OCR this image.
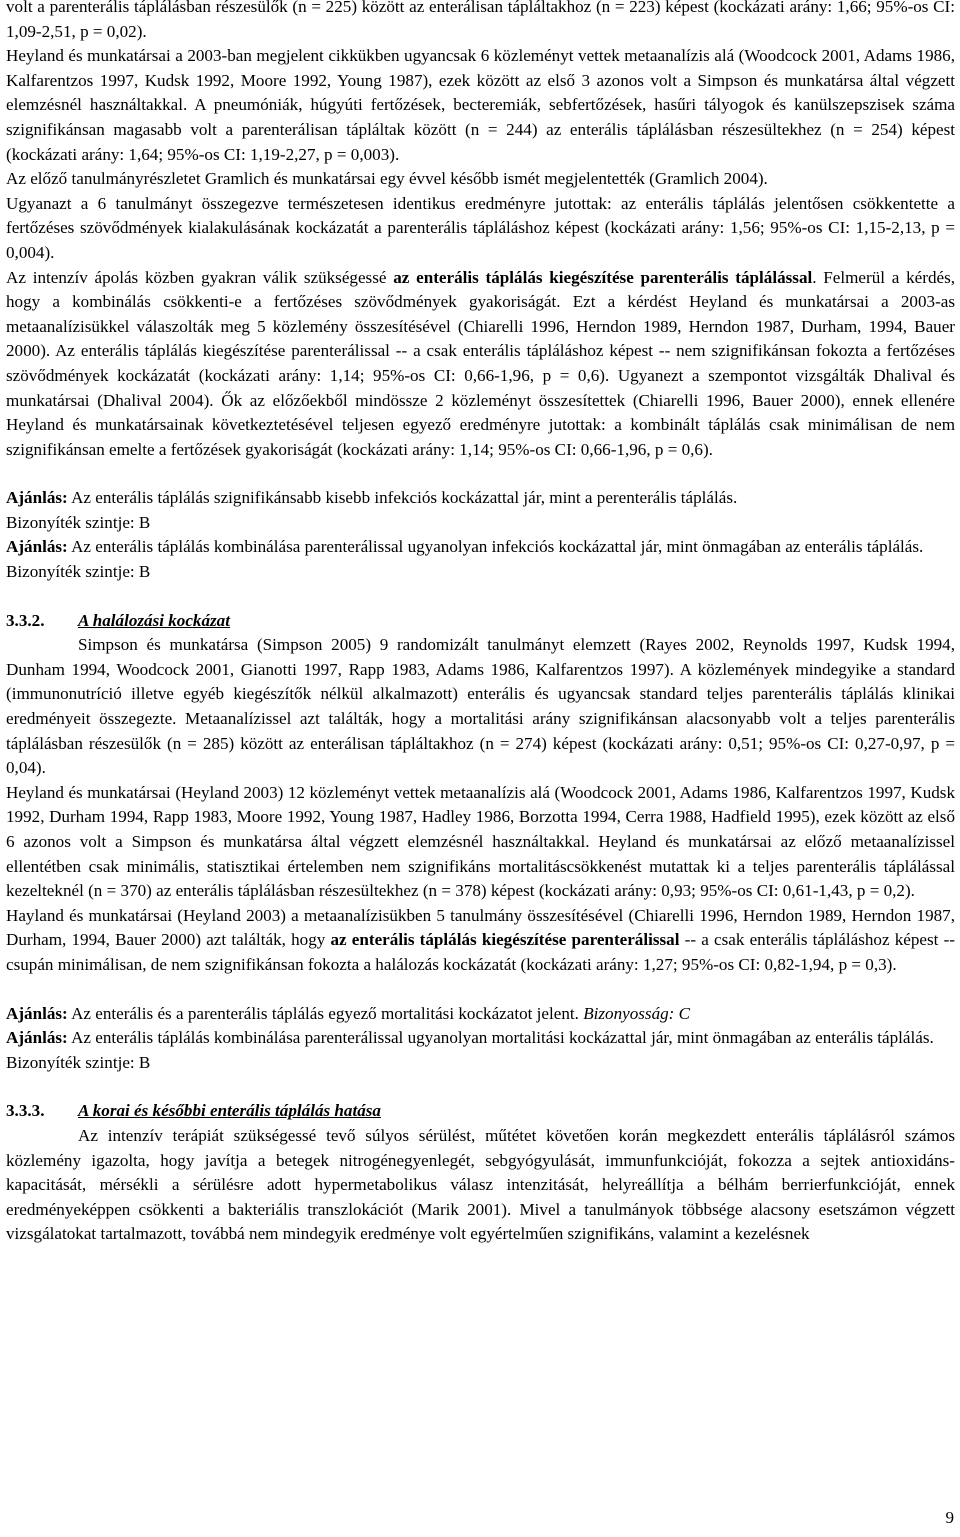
volt a parenterális táplálásban részesülők (n = 225) között az enterálisan tápláltakhoz (n = 223) képest (kockázati arány: 1,66; 95%-os CI: 1,09-2,51, p = 0,02).

Heyland és munkatársai a 2003-ban megjelent cikkükben ugyancsak 6 közleményt vettek metaanalízis alá (Woodcock 2001, Adams 1986, Kalfarentzos 1997, Kudsk 1992, Moore 1992, Young 1987), ezek között az első 3 azonos volt a Simpson és munkatársa által végzett elemzésnél használtakkal. A pneumóniák, húgyúti fertőzések, becteremiák, sebfertőzések, hasűri tályogok és kanülszepszisek száma szignifikánsan magasabb volt a parenterálisan tápláltak között (n = 244) az enterális táplálásban részesültekhez (n = 254) képest (kockázati arány: 1,64; 95%-os CI: 1,19-2,27, p = 0,003).

Az előző tanulmányrészletet Gramlich és munkatársai egy évvel később ismét megjelentették (Gramlich 2004).

Ugyanazt a 6 tanulmányt összegezve természetesen identikus eredményre jutottak: az enterális táplálás jelentősen csökkentette a fertőzéses szövődmények kialakulásának kockázatát a parenterális tápláláshoz képest (kockázati arány: 1,56; 95%-os CI: 1,15-2,13, p = 0,004).

Az intenzív ápolás közben gyakran válik szükségessé az enterális táplálás kiegészítése parenterális táplálással. Felmerül a kérdés, hogy a kombinálás csökkenti-e a fertőzéses szövődmények gyakoriságát. Ezt a kérdést Heyland és munkatársai a 2003-as metaanalízisükkel válaszolták meg 5 közlemény összesítésével (Chiarelli 1996, Herndon 1989, Herndon 1987, Durham, 1994, Bauer 2000). Az enterális táplálás kiegészítése parenterálissal -- a csak enterális tápláláshoz képest -- nem szignifikánsan fokozta a fertőzéses szövődmények kockázatát (kockázati arány: 1,14; 95%-os CI: 0,66-1,96, p = 0,6). Ugyanezt a szempontot vizsgálták Dhalival és munkatársai (Dhalival 2004). Ők az előzőekből mindössze 2 közleményt összesítettek (Chiarelli 1996, Bauer 2000), ennek ellenére Heyland és munkatársainak következtetésével teljesen egyező eredményre jutottak: a kombinált táplálás csak minimálisan de nem szignifikánsan emelte a fertőzések gyakoriságát (kockázati arány: 1,14; 95%-os CI: 0,66-1,96, p = 0,6).

Ajánlás: Az enterális táplálás szignifikánsabb kisebb infekciós kockázattal jár, mint a perenterális táplálás.

Bizonyíték szintje: B

Ajánlás: Az enterális táplálás kombinálása parenterálissal ugyanolyan infekciós kockázattal jár, mint önmagában az enterális táplálás.

Bizonyíték szintje: B

3.3.2. A halálozási kockázat

Simpson és munkatársa (Simpson 2005) 9 randomizált tanulmányt elemzett (Rayes 2002, Reynolds 1997, Kudsk 1994, Dunham 1994, Woodcock 2001, Gianotti 1997, Rapp 1983, Adams 1986, Kalfarentzos 1997). A közlemények mindegyike a standard (immunonutríció illetve egyéb kiegészítők nélkül alkalmazott) enterális és ugyancsak standard teljes parenterális táplálás klinikai eredményeit összegezte. Metaanalízissel azt találták, hogy a mortalitási arány szignifikánsan alacsonyabb volt a teljes parenterális táplálásban részesülők (n = 285) között az enterálisan tápláltakhoz (n = 274) képest (kockázati arány: 0,51; 95%-os CI: 0,27-0,97, p = 0,04).

Heyland és munkatársai (Heyland 2003) 12 közleményt vettek metaanalízis alá (Woodcock 2001, Adams 1986, Kalfarentzos 1997, Kudsk 1992, Durham 1994, Rapp 1983, Moore 1992, Young 1987, Hadley 1986, Borzotta 1994, Cerra 1988, Hadfield 1995), ezek között az első 6 azonos volt a Simpson és munkatársa által végzett elemzésnél használtakkal. Heyland és munkatársai az előző metaanalízissel ellentétben csak minimális, statisztikai értelemben nem szignifikáns mortalitáscsökkenést mutattak ki a teljes parenterális táplálással kezelteknél (n = 370) az enterális táplálásban részesültekhez (n = 378) képest (kockázati arány: 0,93; 95%-os CI: 0,61-1,43, p = 0,2).

Hayland és munkatársai (Heyland 2003) a metaanalízisükben 5 tanulmány összesítésével (Chiarelli 1996, Herndon 1989, Herndon 1987, Durham, 1994, Bauer 2000) azt találták, hogy az enterális táplálás kiegészítése parenterálissal -- a csak enterális tápláláshoz képest -- csupán minimálisan, de nem szignifikánsan fokozta a halálozás kockázatát (kockázati arány: 1,27; 95%-os CI: 0,82-1,94, p = 0,3).

Ajánlás: Az enterális és a parenterális táplálás egyező mortalitási kockázatot jelent. Bizonyosság: C

Ajánlás: Az enterális táplálás kombinálása parenterálissal ugyanolyan mortalitási kockázattal jár, mint önmagában az enterális táplálás.

Bizonyíték szintje: B

3.3.3. A korai és későbbi enterális táplálás hatása

Az intenzív terápiát szükségessé tevő súlyos sérülést, műtétet követően korán megkezdett enterális táplálásról számos közlemény igazolta, hogy javítja a betegek nitrogénegyenlegét, sebgyógyulását, immunfunkcióját, fokozza a sejtek antioxidáns-kapacitását, mérsékli a sérülésre adott hypermetabolikus válasz intenzitását, helyreállítja a bélhám berrierfunkcióját, ennek eredményeképpen csökkenti a bakteriális transzlokációt (Marik 2001). Mivel a tanulmányok többsége alacsony esetszámon végzett vizsgálatokat tartalmazott, továbbá nem mindegyik eredménye volt egyértelműen szignifikáns, valamint a kezelésnek

9
